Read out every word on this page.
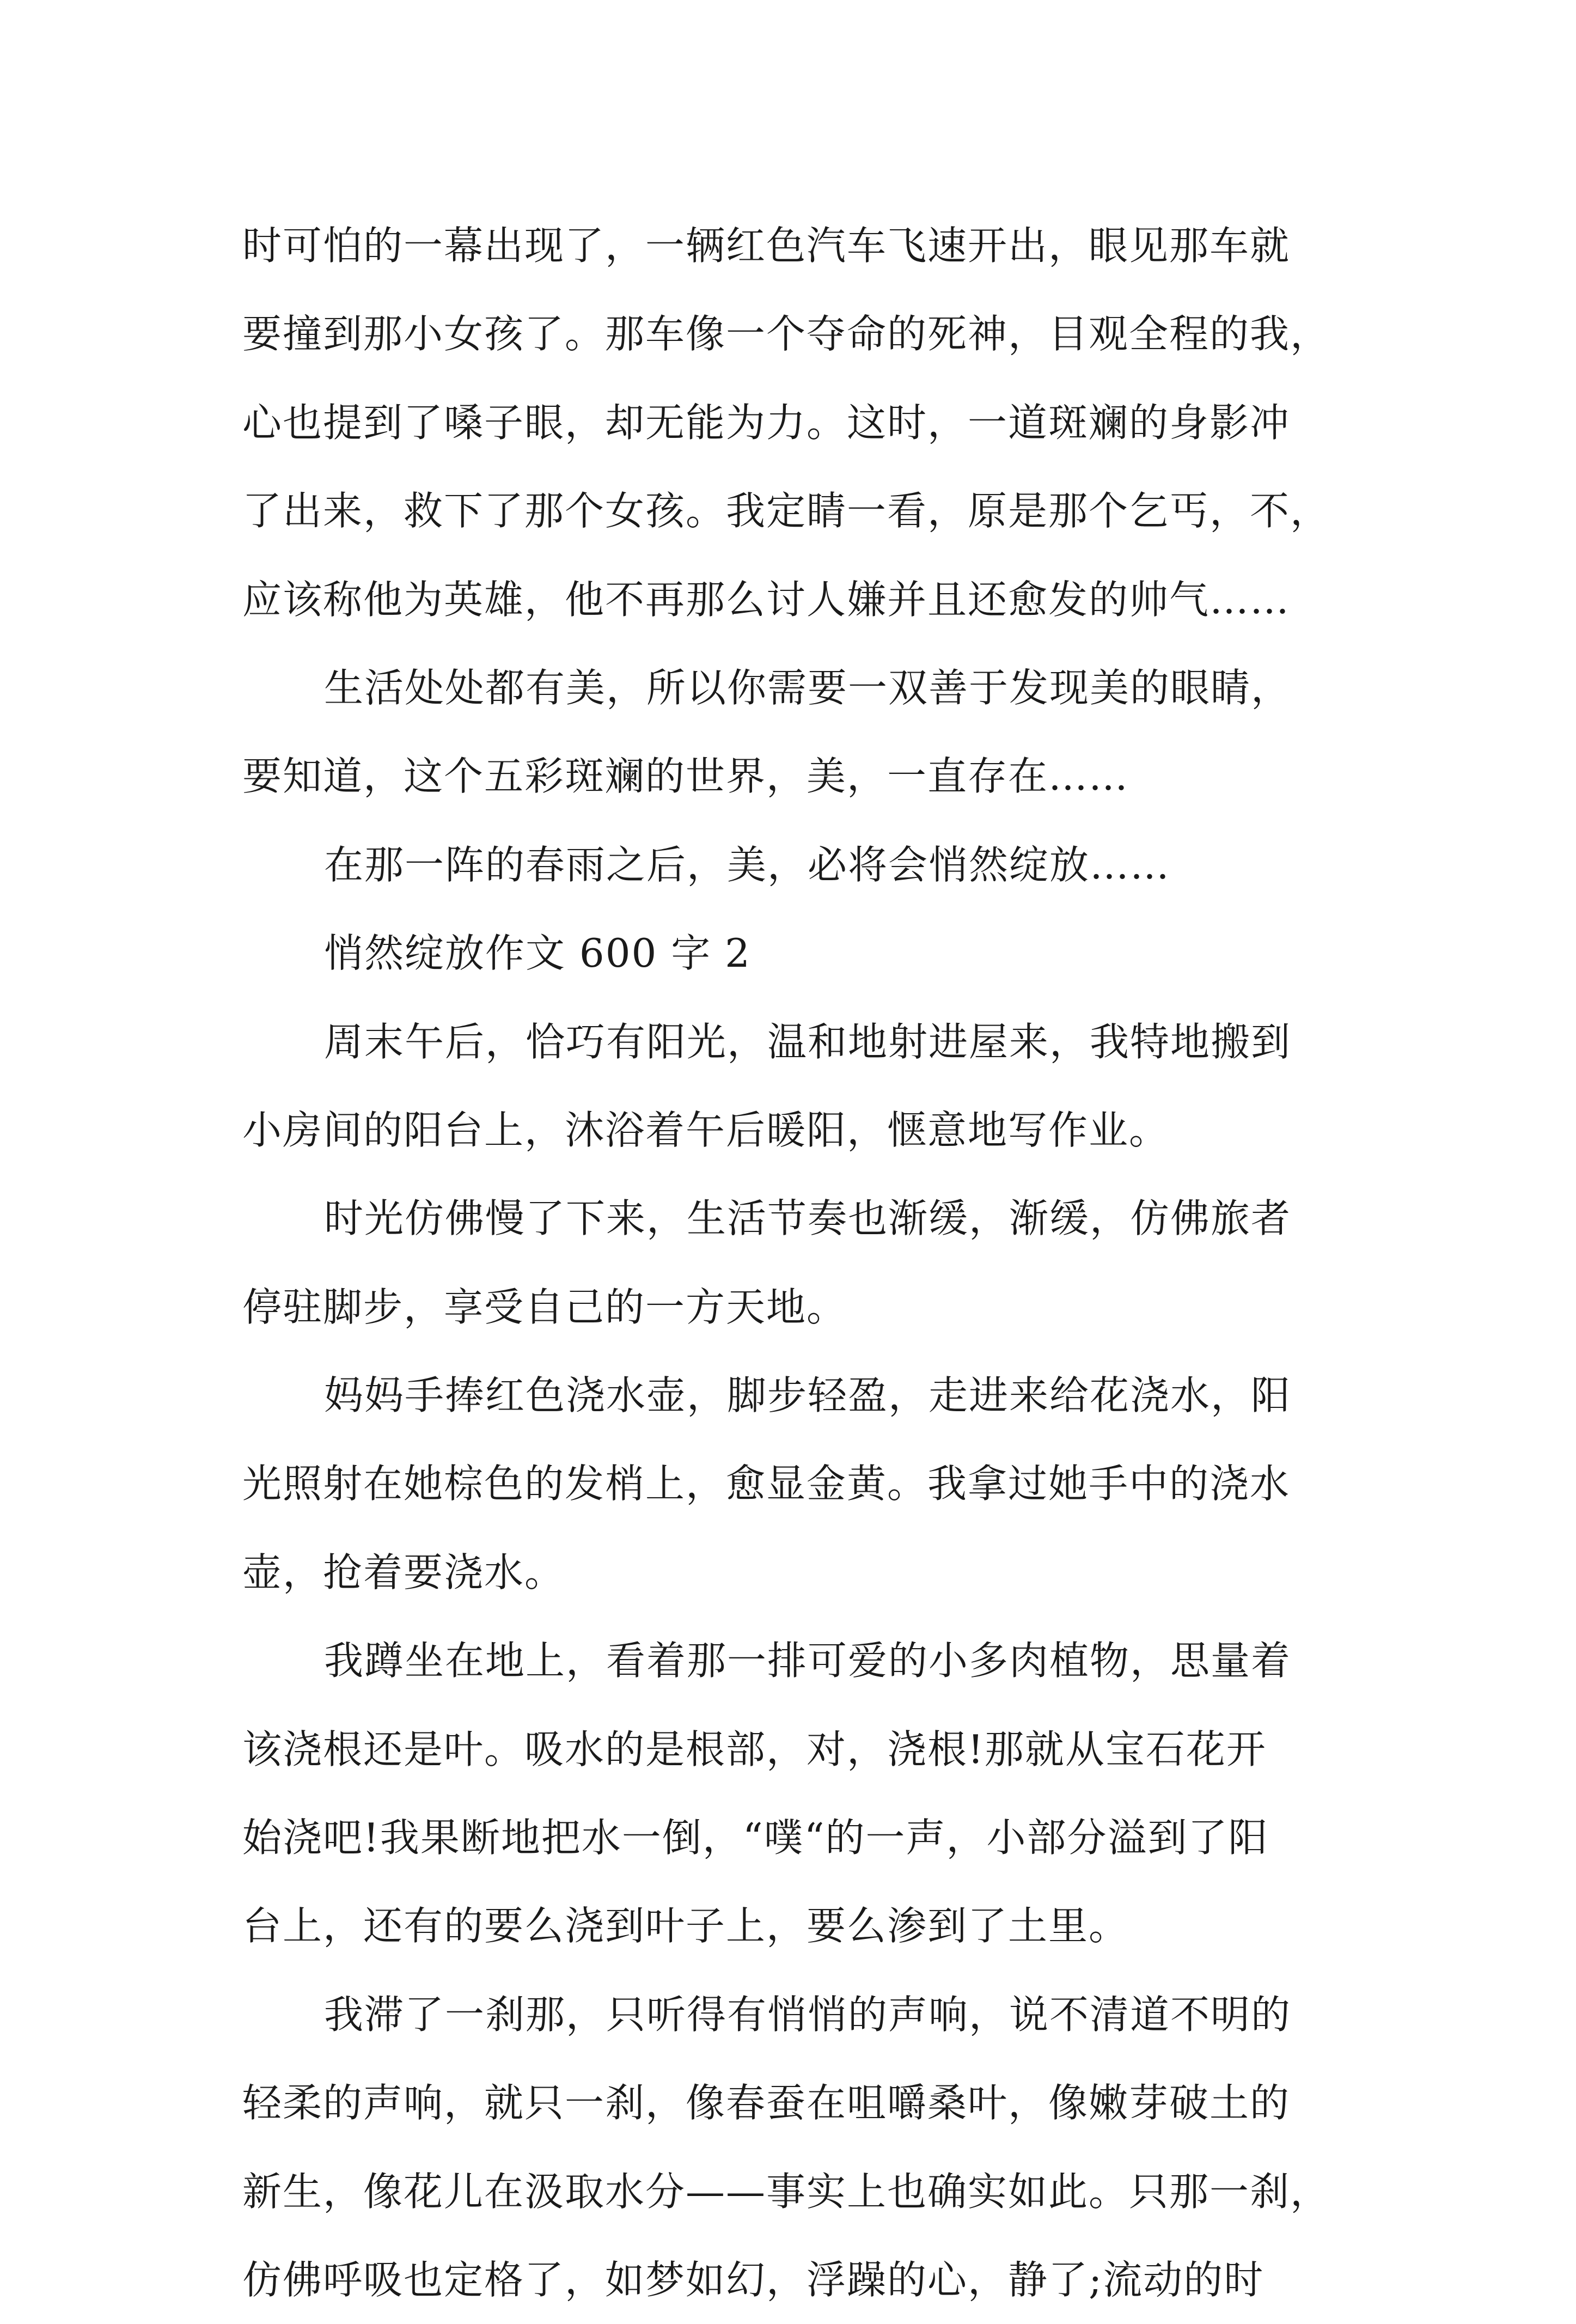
时可怕的一幕出现了，一辆红色汽车飞速开出，眼见那车就
要撞到那小女孩了。那车像一个夺命的死神，目观全程的我，
心也提到了嗓子眼，却无能为力。这时，一道斑斓的身影冲
了出来，救下了那个女孩。我定睛一看，原是那个乞丐，不，
应该称他为英雄，他不再那么讨人嫌并且还愈发的帅气……
生活处处都有美，所以你需要一双善于发现美的眼睛，
要知道，这个五彩斑斓的世界，美，一直存在……
在那一阵的春雨之后，美，必将会悄然绽放……
悄然绽放作文 600 字 2
周末午后，恰巧有阳光，温和地射进屋来，我特地搬到
小房间的阳台上，沐浴着午后暖阳，惬意地写作业。
时光仿佛慢了下来，生活节奏也渐缓，渐缓，仿佛旅者
停驻脚步，享受自己的一方天地。
妈妈手捧红色浇水壶，脚步轻盈，走进来给花浇水，阳
光照射在她棕色的发梢上，愈显金黄。我拿过她手中的浇水
壶，抢着要浇水。
我蹲坐在地上，看着那一排可爱的小多肉植物，思量着
该浇根还是叶。吸水的是根部，对，浇根!那就从宝石花开
始浇吧!我果断地把水一倒，“噗“的一声，小部分溢到了阳
台上，还有的要么浇到叶子上，要么渗到了土里。
我滞了一刹那，只听得有悄悄的声响，说不清道不明的
轻柔的声响，就只一刹，像春蚕在咀嚼桑叶，像嫩芽破土的
新生，像花儿在汲取水分——事实上也确实如此。只那一刹，
仿佛呼吸也定格了，如梦如幻，浮躁的心，静了;流动的时
